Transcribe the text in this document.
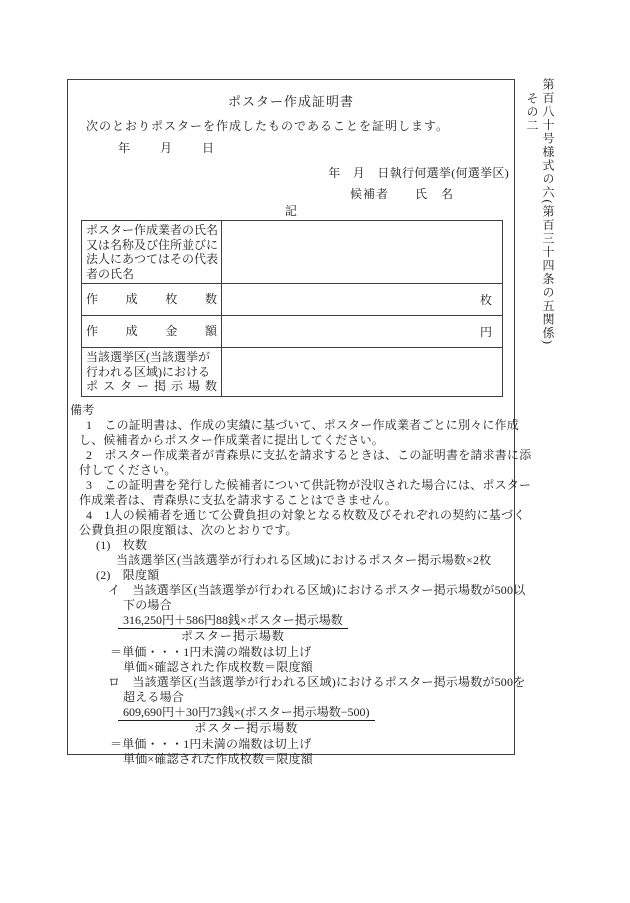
第百八十号様式の六(第百三十四条の五関係)
その二
ポスター作成証明書
次のとおりポスターを作成したものであることを証明します。
年　　月　　日
年　月　日執行何選挙(何選挙区)
候補者　　氏　名
記
ポスター作成業者の氏名
又は名称及び住所並びに
法人にあつてはその代表
者の氏名
作成枚数	枚
作成金額	円
当該選挙区(当該選挙が
行われる区域)における
ポスター掲示場数
備考
1　この証明書は、作成の実績に基づいて、ポスター作成業者ごとに別々に作成
し、候補者からポスター作成業者に提出してください。
2　ポスター作成業者が青森県に支払を請求するときは、この証明書を請求書に添
付してください。
3　この証明書を発行した候補者について供託物が没収された場合には、ポスター
作成業者は、青森県に支払を請求することはできません。
4　1人の候補者を通じて公費負担の対象となる枚数及びそれぞれの契約に基づく
公費負担の限度額は、次のとおりです。
(1)　枚数
当該選挙区(当該選挙が行われる区域)におけるポスター掲示場数×2枚
(2)　限度額
イ　当該選挙区(当該選挙が行われる区域)におけるポスター掲示場数が500以
下の場合
$\frac{\text{316,250円＋586円88銭×ポスター掲示場数}}{\text{ポスター掲示場数}}$
＝単価・・・1円未満の端数は切上げ
単価×確認された作成枚数＝限度額
ロ　当該選挙区(当該選挙が行われる区域)におけるポスター掲示場数が500を
超える場合
$\frac{\text{609,690円＋30円73銭×(ポスター掲示場数−500)}}{\text{ポスター掲示場数}}$
＝単価・・・1円未満の端数は切上げ
単価×確認された作成枚数＝限度額
